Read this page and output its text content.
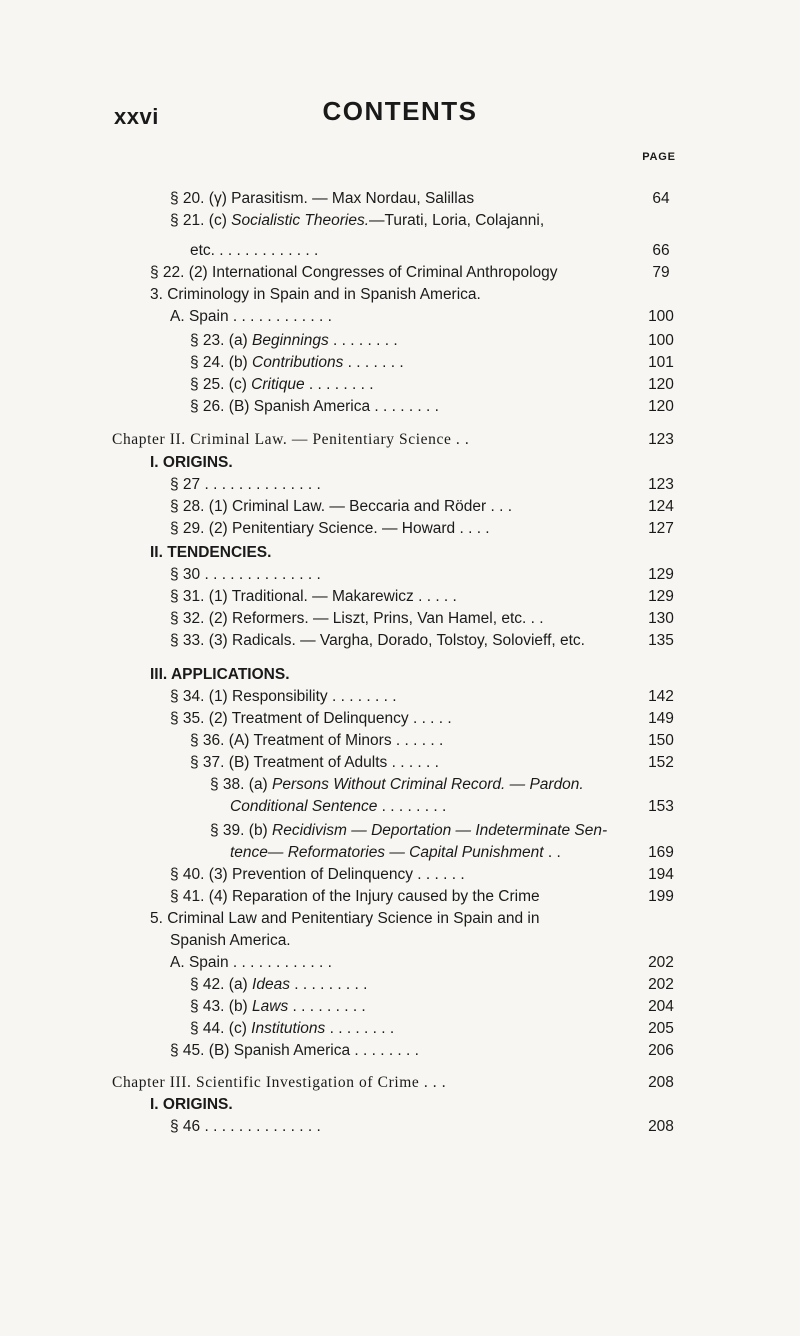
xxvi	CONTENTS
PAGE
§ 20. (γ) Parasitism. — Max Nordau, Salillas	64
§ 21. (c) Socialistic Theories.—Turati, Loria, Colajanni,
etc. . . . . . . . . . . . .	66
§ 22. (2) International Congresses of Criminal Anthropology	79
3. Criminology in Spain and in Spanish America.
A. Spain . . . . . . . . . . . .	100
§ 23. (a) Beginnings . . . . . . . .	100
§ 24. (b) Contributions . . . . . . .	101
§ 25. (c) Critique . . . . . . . .	120
§ 26. (B) Spanish America . . . . . . . .	120
Chapter II. Criminal Law. — Penitentiary Science . .	123
I. ORIGINS.
§ 27 . . . . . . . . . . . . . .	123
§ 28. (1) Criminal Law. — Beccaria and Röder . . .	124
§ 29. (2) Penitentiary Science. — Howard . . . .	127
II. TENDENCIES.
§ 30 . . . . . . . . . . . . . .	129
§ 31. (1) Traditional. — Makarewicz . . . . .	129
§ 32. (2) Reformers. — Liszt, Prins, Van Hamel, etc. . .	130
§ 33. (3) Radicals. — Vargha, Dorado, Tolstoy, Solovieff, etc.	135
III. APPLICATIONS.
§ 34. (1) Responsibility . . . . . . . .	142
§ 35. (2) Treatment of Delinquency . . . . .	149
§ 36. (A) Treatment of Minors . . . . . .	150
§ 37. (B) Treatment of Adults . . . . . .	152
§ 38. (a) Persons Without Criminal Record. — Pardon.
Conditional Sentence . . . . . . . .	153
§ 39. (b) Recidivism — Deportation — Indeterminate Sen-
tence— Reformatories — Capital Punishment . .	169
§ 40. (3) Prevention of Delinquency . . . . . .	194
§ 41. (4) Reparation of the Injury caused by the Crime	199
5. Criminal Law and Penitentiary Science in Spain and in
Spanish America.
A. Spain . . . . . . . . . . . .	202
§ 42. (a) Ideas . . . . . . . . .	202
§ 43. (b) Laws . . . . . . . . .	204
§ 44. (c) Institutions . . . . . . . .	205
§ 45. (B) Spanish America . . . . . . . .	206
Chapter III. Scientific Investigation of Crime . . .	208
I. ORIGINS.
§ 46 . . . . . . . . . . . . . .	208
